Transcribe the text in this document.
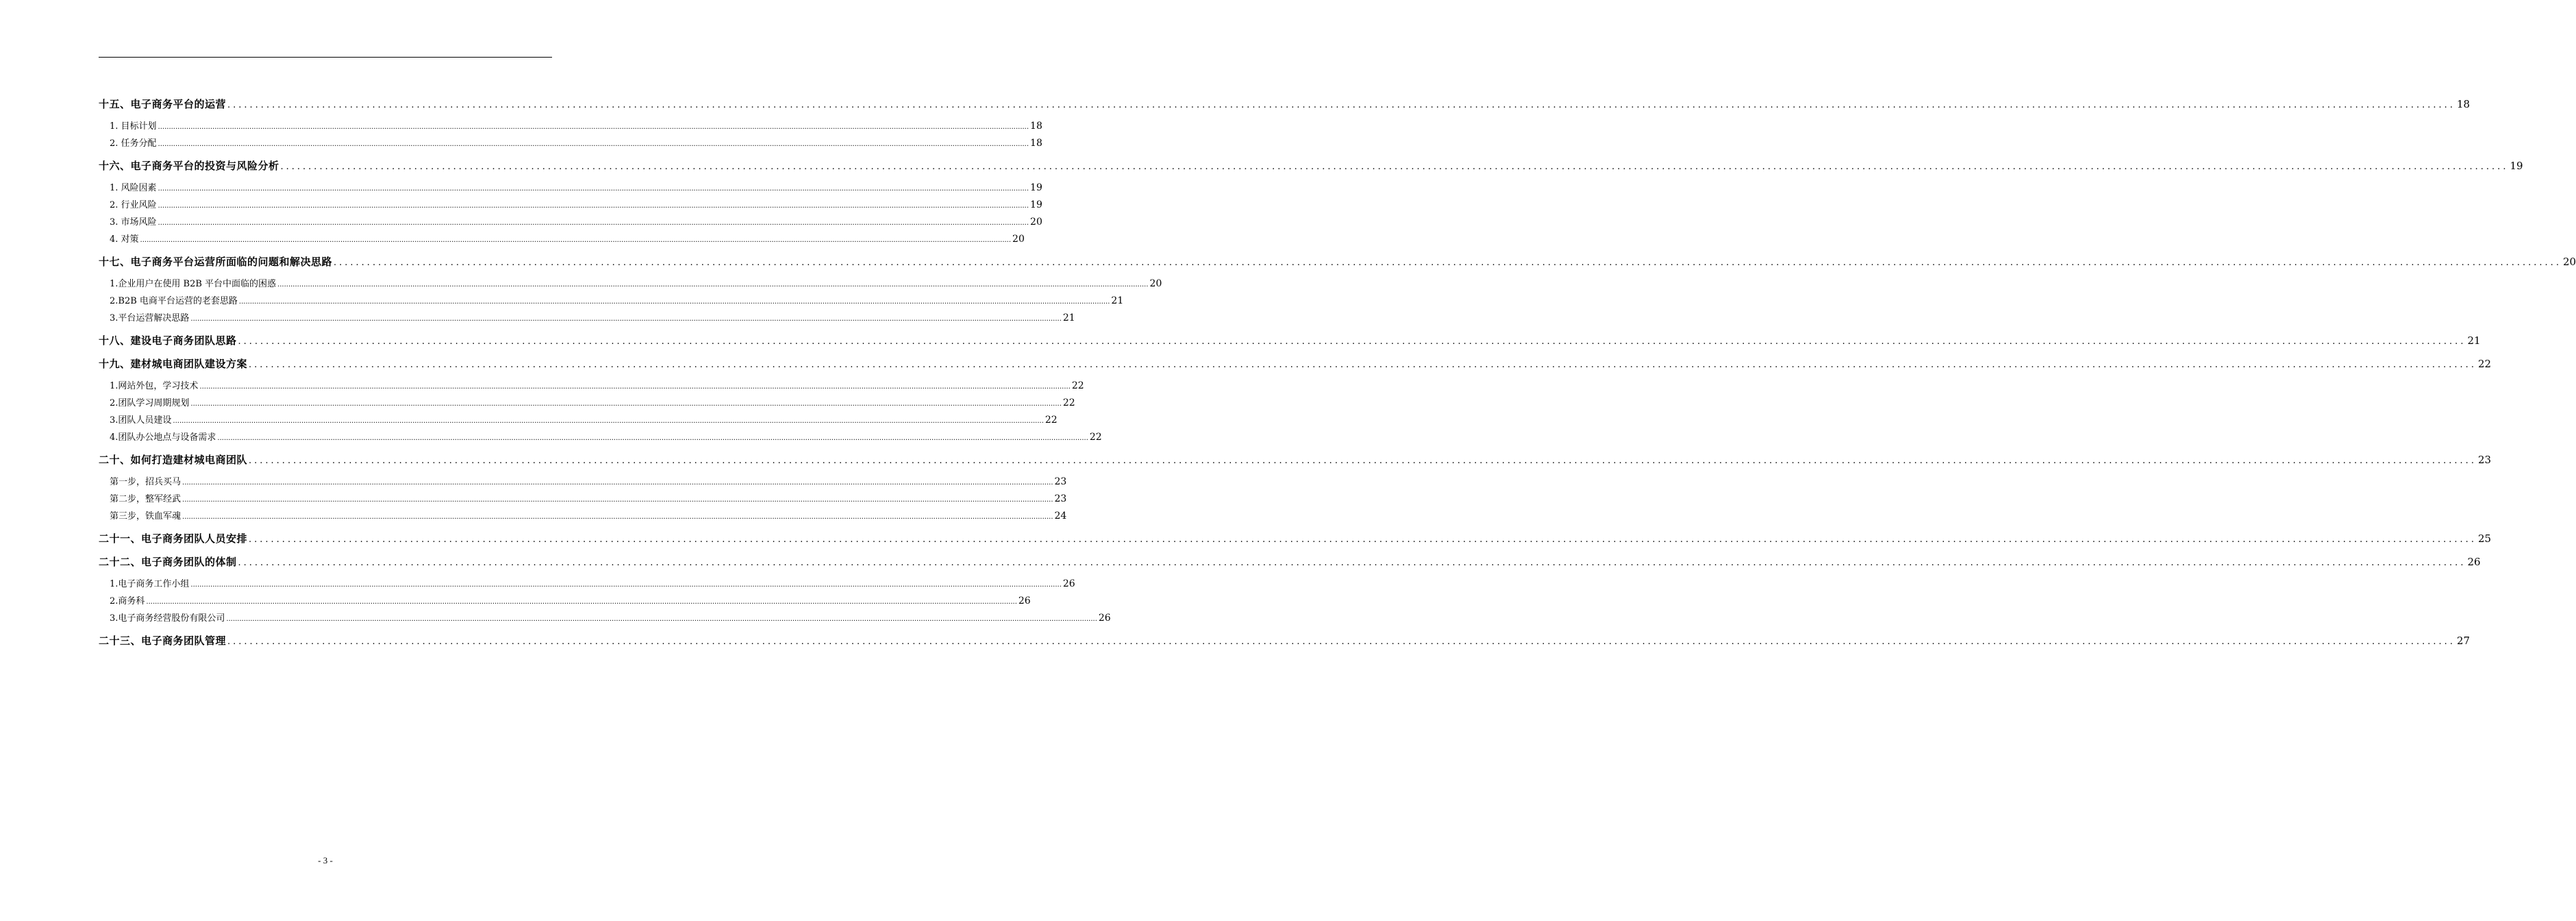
十五、电子商务平台的运营 ................................................................................................................................................................................................................................................................................................................................................................................................................ 18
1. 目标计划 ................................................................................................................................................................................................................................................................................................................................................................................................................ 18
2. 任务分配 ................................................................................................................................................................................................................................................................................................................................................................................................................ 18
十六、电子商务平台的投资与风险分析 ................................................................................................................................................................................................................................................................................................................................................................................................................ 19
1. 风险因素 ................................................................................................................................................................................................................................................................................................................................................................................................................ 19
2. 行业风险 ................................................................................................................................................................................................................................................................................................................................................................................................................ 19
3. 市场风险 ................................................................................................................................................................................................................................................................................................................................................................................................................ 20
4. 对策 ................................................................................................................................................................................................................................................................................................................................................................................................................ 20
十七、电子商务平台运营所面临的问题和解决思路 ................................................................................................................................................................................................................................................................................................................................................................................................................ 20
1.企业用户在使用 B2B 平台中面临的困惑 ................................................................................................................................................................................................................................................................................................................................................................................................................ 20
2.B2B 电商平台运营的老套思路 ................................................................................................................................................................................................................................................................................................................................................................................................................ 21
3.平台运营解决思路 ................................................................................................................................................................................................................................................................................................................................................................................................................ 21
十八、建设电子商务团队思路 ................................................................................................................................................................................................................................................................................................................................................................................................................ 21
十九、建材城电商团队建设方案 ................................................................................................................................................................................................................................................................................................................................................................................................................ 22
1.网站外包，学习技术 ................................................................................................................................................................................................................................................................................................................................................................................................................ 22
2.团队学习周期规划 ................................................................................................................................................................................................................................................................................................................................................................................................................ 22
3.团队人员建设 ................................................................................................................................................................................................................................................................................................................................................................................................................ 22
4.团队办公地点与设备需求 ................................................................................................................................................................................................................................................................................................................................................................................................................ 22
二十、如何打造建材城电商团队 ................................................................................................................................................................................................................................................................................................................................................................................................................ 23
第一步，招兵买马 ................................................................................................................................................................................................................................................................................................................................................................................................................ 23
第二步，整军经武 ................................................................................................................................................................................................................................................................................................................................................................................................................ 23
第三步，铁血军魂 ................................................................................................................................................................................................................................................................................................................................................................................................................ 24
二十一、电子商务团队人员安排 ................................................................................................................................................................................................................................................................................................................................................................................................................ 25
二十二、电子商务团队的体制 ................................................................................................................................................................................................................................................................................................................................................................................................................ 26
1.电子商务工作小组 ................................................................................................................................................................................................................................................................................................................................................................................................................ 26
2.商务科 ................................................................................................................................................................................................................................................................................................................................................................................................................ 26
3.电子商务经营股份有限公司 ................................................................................................................................................................................................................................................................................................................................................................................................................ 26
二十三、电子商务团队管理 ................................................................................................................................................................................................................................................................................................................................................................................................................ 27
- 3 -
